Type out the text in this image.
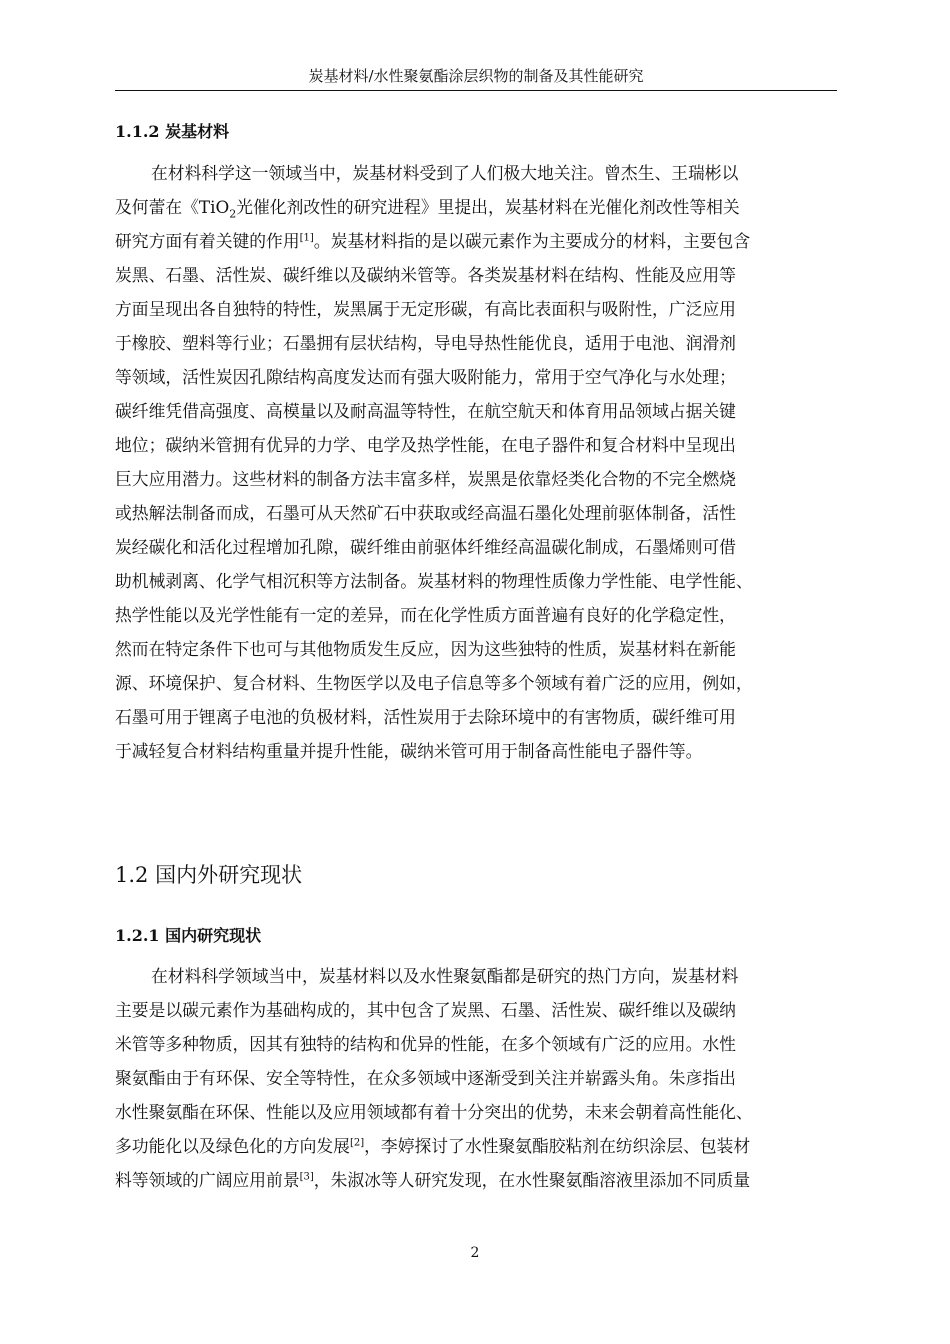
炭基材料/水性聚氨酯涂层织物的制备及其性能研究
1.1.2 炭基材料
在材料科学这一领域当中，炭基材料受到了人们极大地关注。曾杰生、王瑞彬以
及何蕾在《TiO$_2$光催化剂改性的研究进程》里提出，炭基材料在光催化剂改性等相关
研究方面有着关键的作用[1]。炭基材料指的是以碳元素作为主要成分的材料，主要包含
炭黑、石墨、活性炭、碳纤维以及碳纳米管等。各类炭基材料在结构、性能及应用等
方面呈现出各自独特的特性，炭黑属于无定形碳，有高比表面积与吸附性，广泛应用
于橡胶、塑料等行业；石墨拥有层状结构，导电导热性能优良，适用于电池、润滑剂
等领域，活性炭因孔隙结构高度发达而有强大吸附能力，常用于空气净化与水处理；
碳纤维凭借高强度、高模量以及耐高温等特性，在航空航天和体育用品领域占据关键
地位；碳纳米管拥有优异的力学、电学及热学性能，在电子器件和复合材料中呈现出
巨大应用潜力。这些材料的制备方法丰富多样，炭黑是依靠烃类化合物的不完全燃烧
或热解法制备而成，石墨可从天然矿石中获取或经高温石墨化处理前驱体制备，活性
炭经碳化和活化过程增加孔隙，碳纤维由前驱体纤维经高温碳化制成，石墨烯则可借
助机械剥离、化学气相沉积等方法制备。炭基材料的物理性质像力学性能、电学性能、
热学性能以及光学性能有一定的差异，而在化学性质方面普遍有良好的化学稳定性，
然而在特定条件下也可与其他物质发生反应，因为这些独特的性质，炭基材料在新能
源、环境保护、复合材料、生物医学以及电子信息等多个领域有着广泛的应用，例如，
石墨可用于锂离子电池的负极材料，活性炭用于去除环境中的有害物质，碳纤维可用
于减轻复合材料结构重量并提升性能，碳纳米管可用于制备高性能电子器件等。
1.2 国内外研究现状
1.2.1 国内研究现状
在材料科学领域当中，炭基材料以及水性聚氨酯都是研究的热门方向，炭基材料
主要是以碳元素作为基础构成的，其中包含了炭黑、石墨、活性炭、碳纤维以及碳纳
米管等多种物质，因其有独特的结构和优异的性能，在多个领域有广泛的应用。水性
聚氨酯由于有环保、安全等特性，在众多领域中逐渐受到关注并崭露头角。朱彦指出
水性聚氨酯在环保、性能以及应用领域都有着十分突出的优势，未来会朝着高性能化、
多功能化以及绿色化的方向发展[2]，李婷探讨了水性聚氨酯胶粘剂在纺织涂层、包装材
料等领域的广阔应用前景[3]，朱淑冰等人研究发现，在水性聚氨酯溶液里添加不同质量
2
